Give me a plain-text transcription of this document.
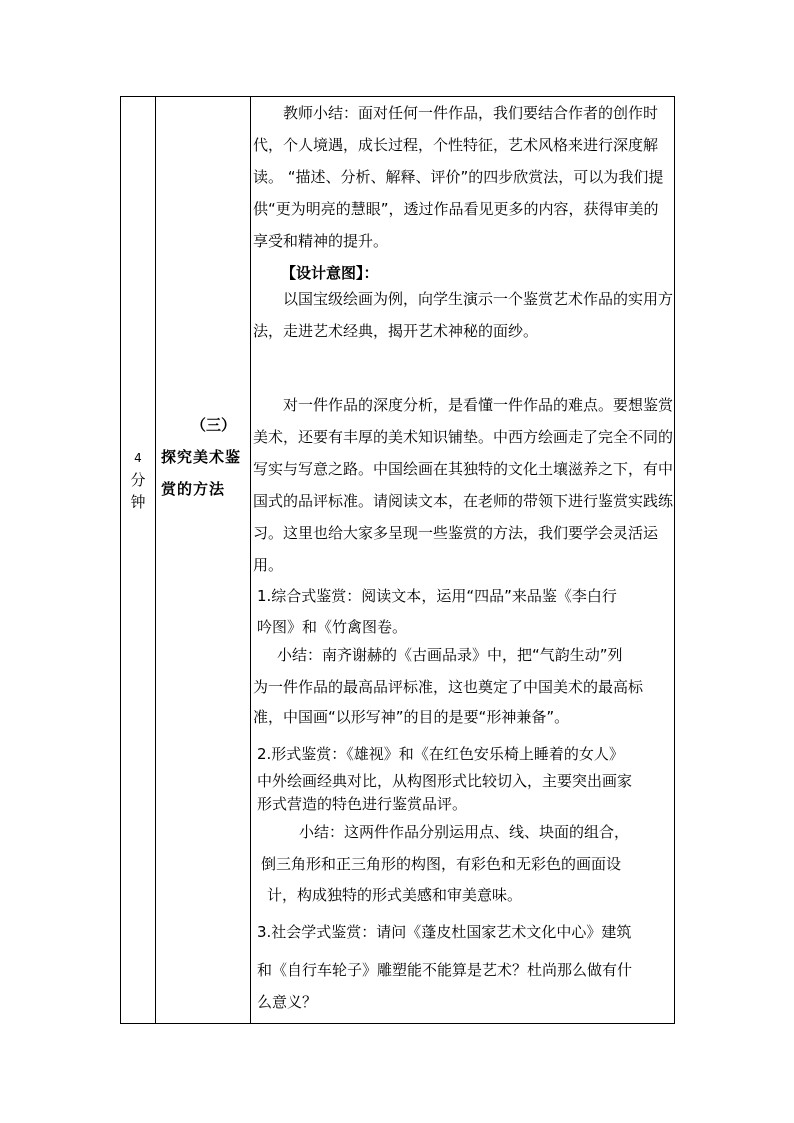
4
分
钟
（三）
探究美术鉴
赏的方法

教师小结：面对任何一件作品，我们要结合作者的创作时代，个人境遇，成长过程，个性特征，艺术风格来进行深度解读。 “描述、分析、解释、评价”的四步欣赏法，可以为我们提供“更为明亮的慧眼”，透过作品看见更多的内容，获得审美的享受和精神的提升。

【设计意图】：

以国宝级绘画为例，向学生演示一个鉴赏艺术作品的实用方法，走进艺术经典，揭开艺术神秘的面纱。

对一件作品的深度分析，是看懂一件作品的难点。要想鉴赏美术，还要有丰厚的美术知识铺垫。中西方绘画走了完全不同的写实与写意之路。中国绘画在其独特的文化土壤滋养之下，有中国式的品评标准。请阅读文本，在老师的带领下进行鉴赏实践练习。这里也给大家多呈现一些鉴赏的方法，我们要学会灵活运用。

1.综合式鉴赏：阅读文本，运用“四品”来品鉴《李白行

吟图》和《竹禽图卷。

小结：南齐谢赫的《古画品录》中，把“气韵生动”列

为一件作品的最高品评标准，这也奠定了中国美术的最高标

准，中国画“以形写神”的目的是要“形神兼备”。

2.形式鉴赏：《雄视》和《在红色安乐椅上睡着的女人》

中外绘画经典对比，从构图形式比较切入，主要突出画家

形式营造的特色进行鉴赏品评。

小结：这两件作品分别运用点、线、块面的组合，

倒三角形和正三角形的构图，有彩色和无彩色的画面设

计，构成独特的形式美感和审美意味。

3.社会学式鉴赏：请问《蓬皮杜国家艺术文化中心》建筑

和《自行车轮子》雕塑能不能算是艺术？杜尚那么做有什

么意义？
